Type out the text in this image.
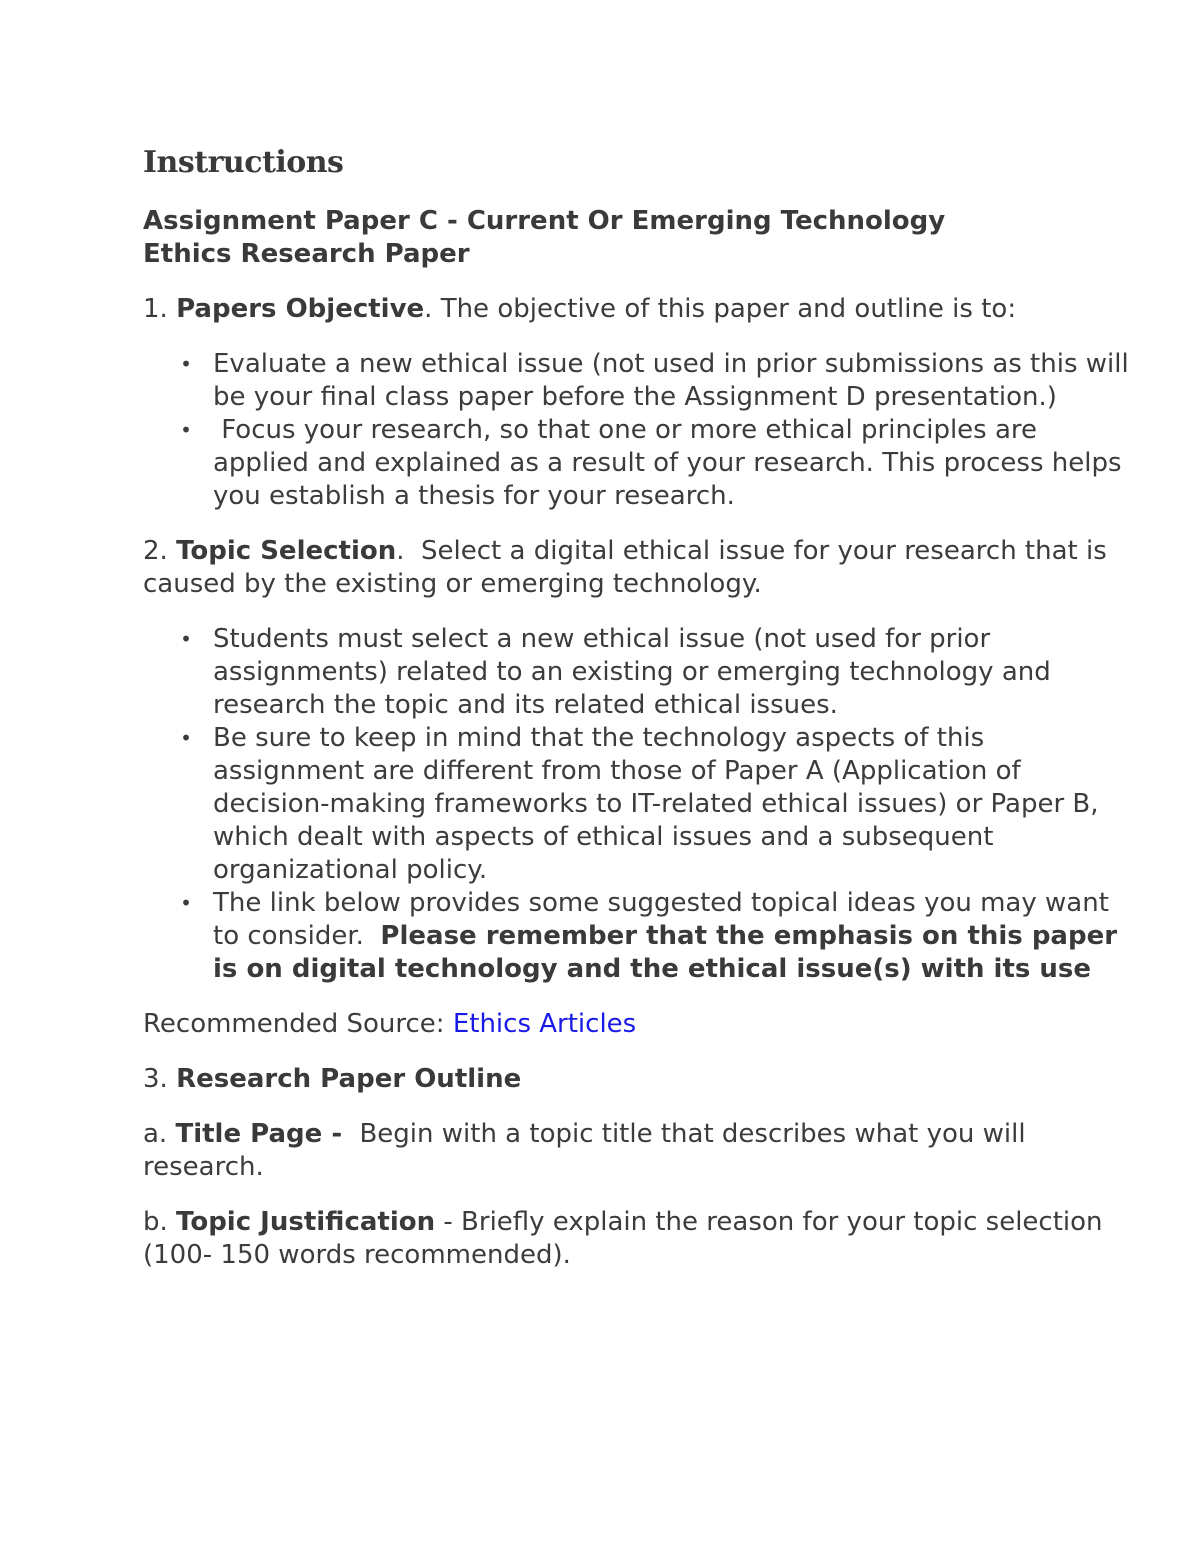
Instructions
Assignment Paper C - Current Or Emerging Technology
Ethics Research Paper

1. Papers Objective. The objective of this paper and outline is to:

• Evaluate a new ethical issue (not used in prior submissions as this will be your final class paper before the Assignment D presentation.)
• Focus your research, so that one or more ethical principles are applied and explained as a result of your research. This process helps you establish a thesis for your research.

2. Topic Selection.  Select a digital ethical issue for your research that is caused by the existing or emerging technology.

• Students must select a new ethical issue (not used for prior assignments) related to an existing or emerging technology and research the topic and its related ethical issues.
• Be sure to keep in mind that the technology aspects of this assignment are different from those of Paper A (Application of decision-making frameworks to IT-related ethical issues) or Paper B, which dealt with aspects of ethical issues and a subsequent organizational policy.
• The link below provides some suggested topical ideas you may want to consider.  Please remember that the emphasis on this paper is on digital technology and the ethical issue(s) with its use

Recommended Source: Ethics Articles

3. Research Paper Outline

a. Title Page -  Begin with a topic title that describes what you will research.

b. Topic Justification - Briefly explain the reason for your topic selection (100- 150 words recommended).
